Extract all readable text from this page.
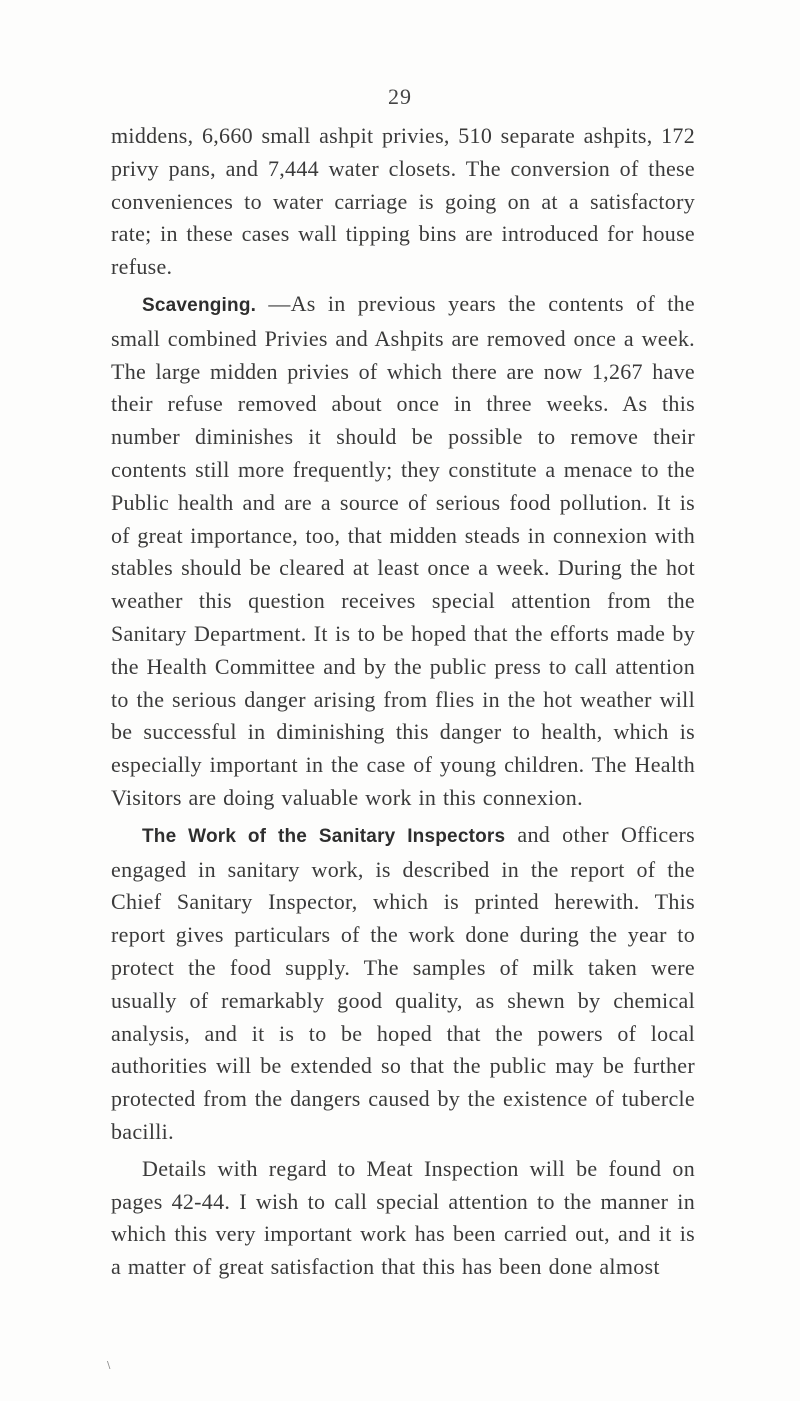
29

middens, 6,660 small ashpit privies, 510 separate ashpits, 172 privy pans, and 7,444 water closets. The conversion of these conveniences to water carriage is going on at a satisfactory rate; in these cases wall tipping bins are introduced for house refuse.

Scavenging. —As in previous years the contents of the small combined Privies and Ashpits are removed once a week. The large midden privies of which there are now 1,267 have their refuse removed about once in three weeks. As this number diminishes it should be possible to remove their contents still more frequently; they constitute a menace to the Public health and are a source of serious food pollution. It is of great importance, too, that midden steads in connexion with stables should be cleared at least once a week. During the hot weather this question receives special attention from the Sanitary Department. It is to be hoped that the efforts made by the Health Committee and by the public press to call attention to the serious danger arising from flies in the hot weather will be successful in diminishing this danger to health, which is especially important in the case of young children. The Health Visitors are doing valuable work in this connexion.

The Work of the Sanitary Inspectors and other Officers engaged in sanitary work, is described in the report of the Chief Sanitary Inspector, which is printed herewith. This report gives particulars of the work done during the year to protect the food supply. The samples of milk taken were usually of remarkably good quality, as shewn by chemical analysis, and it is to be hoped that the powers of local authorities will be extended so that the public may be further protected from the dangers caused by the existence of tubercle bacilli.

Details with regard to Meat Inspection will be found on pages 42-44. I wish to call special attention to the manner in which this very important work has been carried out, and it is a matter of great satisfaction that this has been done almost

\
